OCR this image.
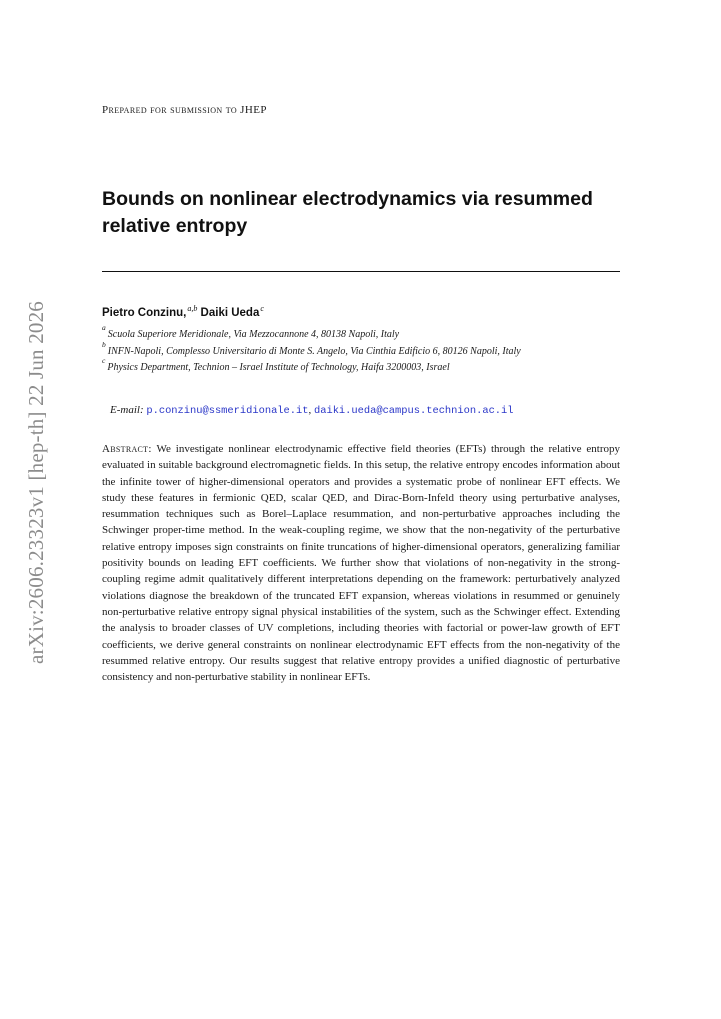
arXiv:2606.23323v1 [hep-th] 22 Jun 2026
Prepared for submission to JHEP
Bounds on nonlinear electrodynamics via resummed relative entropy
Pietro Conzinu,$^{a,b}$ Daiki Ueda$^c$
a
Scuola Superiore Meridionale, Via Mezzocannone 4, 80138 Napoli, Italy
b
INFN-Napoli, Complesso Universitario di Monte S. Angelo, Via Cinthia Edificio 6, 80126 Napoli, Italy
c
Physics Department, Technion – Israel Institute of Technology, Haifa 3200003, Israel
E-mail: p.conzinu@ssmeridionale.it, daiki.ueda@campus.technion.ac.il
Abstract: We investigate nonlinear electrodynamic effective field theories (EFTs) through the relative entropy evaluated in suitable background electromagnetic fields. In this setup, the relative entropy encodes information about the infinite tower of higher-dimensional operators and provides a systematic probe of nonlinear EFT effects. We study these features in fermionic QED, scalar QED, and Dirac-Born-Infeld theory using perturbative analyses, resummation techniques such as Borel–Laplace resummation, and non-perturbative approaches including the Schwinger proper-time method. In the weak-coupling regime, we show that the non-negativity of the perturbative relative entropy imposes sign constraints on finite truncations of higher-dimensional operators, generalizing familiar positivity bounds on leading EFT coefficients. We further show that violations of non-negativity in the strong-coupling regime admit qualitatively different interpretations depending on the framework: perturbatively analyzed violations diagnose the breakdown of the truncated EFT expansion, whereas violations in resummed or genuinely non-perturbative relative entropy signal physical instabilities of the system, such as the Schwinger effect. Extending the analysis to broader classes of UV completions, including theories with factorial or power-law growth of EFT coefficients, we derive general constraints on nonlinear electrodynamic EFT effects from the non-negativity of the resummed relative entropy. Our results suggest that relative entropy provides a unified diagnostic of perturbative consistency and non-perturbative stability in nonlinear EFTs.
